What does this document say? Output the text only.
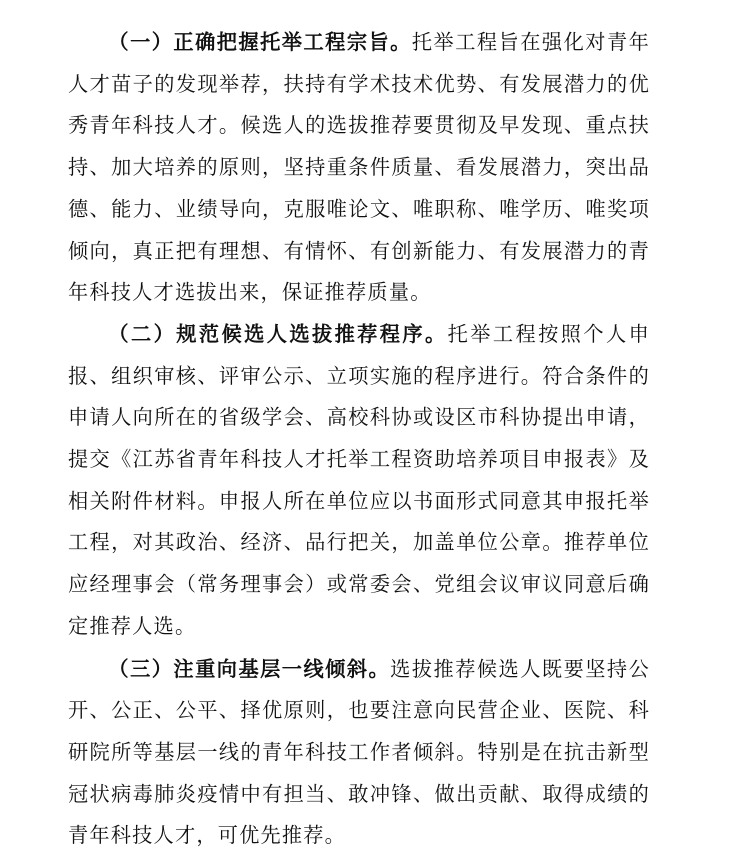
（一）正确把握托举工程宗旨。托举工程旨在强化对青年人才苗子的发现举荐，扶持有学术技术优势、有发展潜力的优秀青年科技人才。候选人的选拔推荐要贯彻及早发现、重点扶持、加大培养的原则，坚持重条件质量、看发展潜力，突出品德、能力、业绩导向，克服唯论文、唯职称、唯学历、唯奖项倾向，真正把有理想、有情怀、有创新能力、有发展潜力的青年科技人才选拔出来，保证推荐质量。

（二）规范候选人选拔推荐程序。托举工程按照个人申报、组织审核、评审公示、立项实施的程序进行。符合条件的申请人向所在的省级学会、高校科协或设区市科协提出申请，提交《江苏省青年科技人才托举工程资助培养项目申报表》及相关附件材料。申报人所在单位应以书面形式同意其申报托举工程，对其政治、经济、品行把关，加盖单位公章。推荐单位应经理事会（常务理事会）或常委会、党组会议审议同意后确定推荐人选。

（三）注重向基层一线倾斜。选拔推荐候选人既要坚持公开、公正、公平、择优原则，也要注意向民营企业、医院、科研院所等基层一线的青年科技工作者倾斜。特别是在抗击新型冠状病毒肺炎疫情中有担当、敢冲锋、做出贡献、取得成绩的青年科技人才，可优先推荐。
